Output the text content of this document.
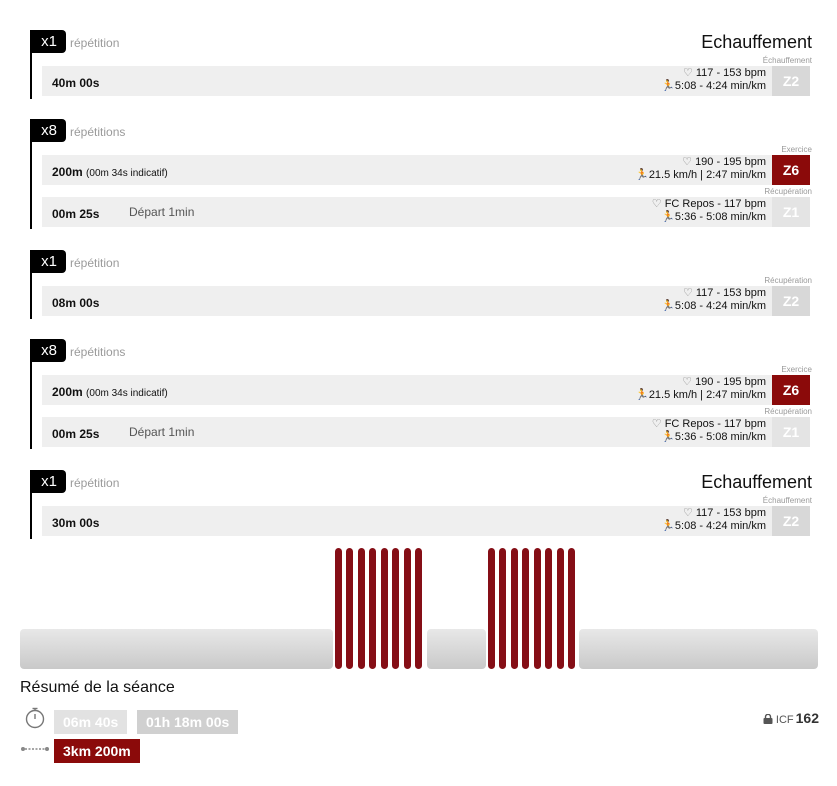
x1	répétition	Echauffement
Échauffement
40m 00s
♡ 117 - 153 bpm
🏃5:08 - 4:24 min/km	Z2
x8	répétitions
Exercice
200m (00m 34s indicatif)
♡ 190 - 195 bpm
🏃21.5 km/h | 2:47 min/km	Z6
Récupération
00m 25s Départ 1min
♡ FC Repos - 117 bpm
🏃5:36 - 5:08 min/km	Z1
x1	répétition
Récupération
08m 00s
♡ 117 - 153 bpm
🏃5:08 - 4:24 min/km	Z2
x8	répétitions
Exercice
200m (00m 34s indicatif)
♡ 190 - 195 bpm
🏃21.5 km/h | 2:47 min/km	Z6
Récupération
00m 25s Départ 1min
♡ FC Repos - 117 bpm
🏃5:36 - 5:08 min/km	Z1
x1	répétition	Echauffement
Échauffement
30m 00s
♡ 117 - 153 bpm
🏃5:08 - 4:24 min/km	Z2
Résumé de la séance
06m 40s	01h 18m 00s
3km 200m
ICF 162
